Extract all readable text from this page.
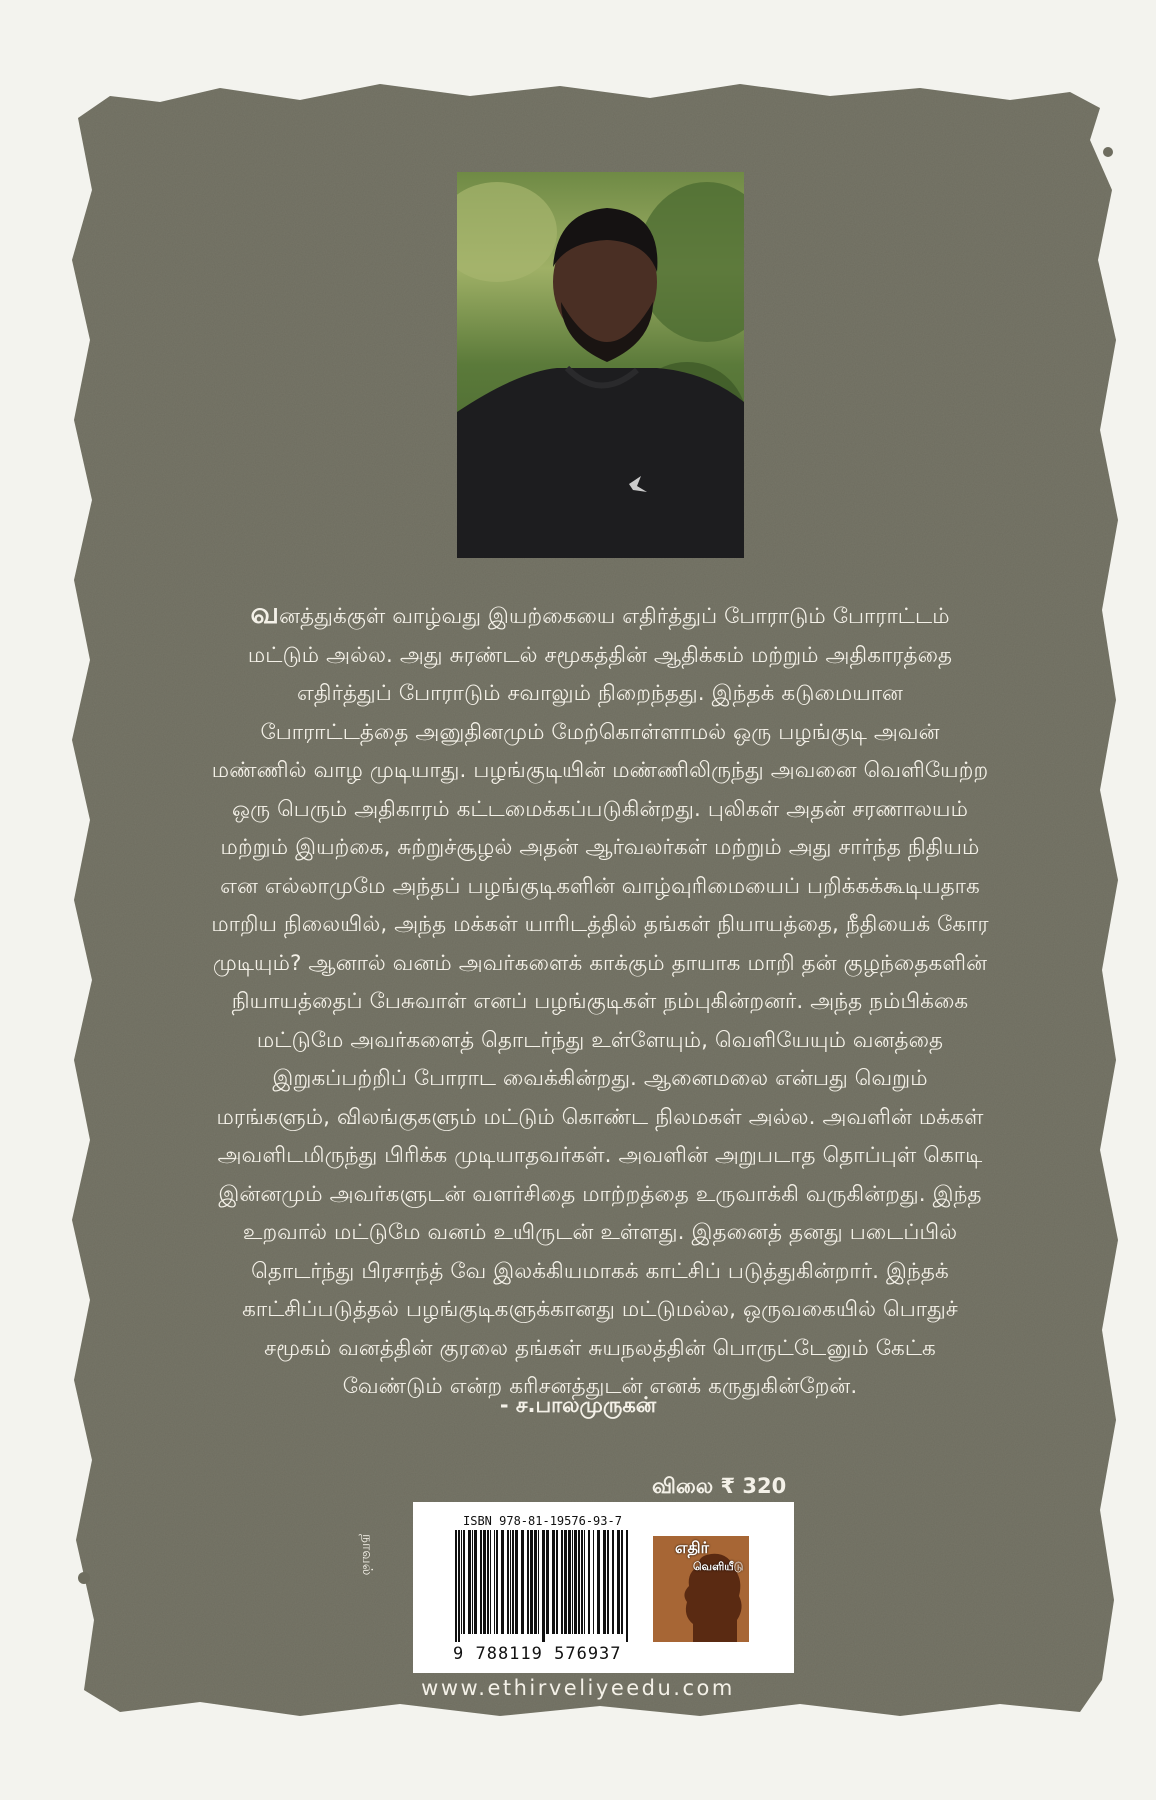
வனத்துக்குள் வாழ்வது இயற்கையை எதிர்த்துப் போராடும் போராட்டம்

மட்டும் அல்ல. அது சுரண்டல் சமூகத்தின் ஆதிக்கம் மற்றும் அதிகாரத்தை

எதிர்த்துப் போராடும் சவாலும் நிறைந்தது. இந்தக் கடுமையான

போராட்டத்தை அனுதினமும் மேற்கொள்ளாமல் ஒரு பழங்குடி அவன்

மண்ணில் வாழ முடியாது. பழங்குடியின் மண்ணிலிருந்து அவனை வெளியேற்ற

ஒரு பெரும் அதிகாரம் கட்டமைக்கப்படுகின்றது. புலிகள் அதன் சரணாலயம்

மற்றும் இயற்கை, சுற்றுச்சூழல் அதன் ஆர்வலர்கள் மற்றும் அது சார்ந்த நிதியம்

என எல்லாமுமே அந்தப் பழங்குடிகளின் வாழ்வுரிமையைப் பறிக்கக்கூடியதாக

மாறிய நிலையில், அந்த மக்கள் யாரிடத்தில் தங்கள் நியாயத்தை, நீதியைக் கோர

முடியும்? ஆனால் வனம் அவர்களைக் காக்கும் தாயாக மாறி தன் குழந்தைகளின்

நியாயத்தைப் பேசுவாள் எனப் பழங்குடிகள் நம்புகின்றனர். அந்த நம்பிக்கை

மட்டுமே அவர்களைத் தொடர்ந்து உள்ளேயும், வெளியேயும் வனத்தை

இறுகப்பற்றிப் போராட வைக்கின்றது. ஆனைமலை என்பது வெறும்

மரங்களும், விலங்குகளும் மட்டும் கொண்ட நிலமகள் அல்ல. அவளின் மக்கள்

அவளிடமிருந்து பிரிக்க முடியாதவர்கள். அவளின் அறுபடாத தொப்புள் கொடி

இன்னமும் அவர்களுடன் வளர்சிதை மாற்றத்தை உருவாக்கி வருகின்றது. இந்த

உறவால் மட்டுமே வனம் உயிருடன் உள்ளது. இதனைத் தனது படைப்பில்

தொடர்ந்து பிரசாந்த் வே இலக்கியமாகக் காட்சிப் படுத்துகின்றார். இந்தக்

காட்சிப்படுத்தல் பழங்குடிகளுக்கானது மட்டுமல்ல, ஒருவகையில் பொதுச்

சமூகம் வனத்தின் குரலை தங்கள் சுயநலத்தின் பொருட்டேனும் கேட்க

வேண்டும் என்ற கரிசனத்துடன் எனக் கருதுகின்றேன்.

- ச.பாலமுருகன்
விலை ₹ 320
நாவல்
ISBN 978-81-19576-93-7
9 788119 576937
எதிர்
வெளியீடு
www.ethirveliyeedu.com
